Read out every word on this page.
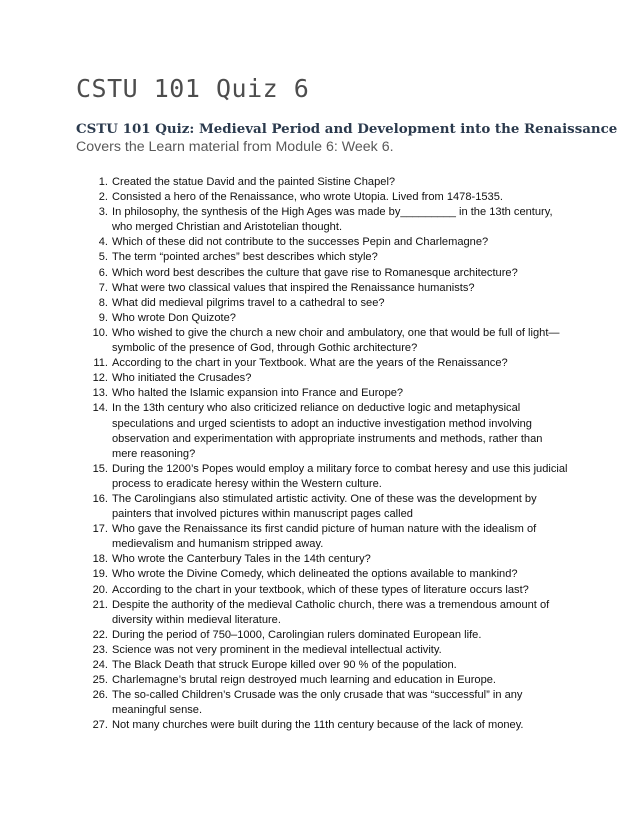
CSTU 101 Quiz 6
CSTU 101 Quiz: Medieval Period and Development into the Renaissance

Covers the Learn material from Module 6: Week 6.

1. Created the statue David and the painted Sistine Chapel?
2. Consisted a hero of the Renaissance, who wrote Utopia. Lived from 1478-1535.
3. In philosophy, the synthesis of the High Ages was made by_________ in the 13th century, who merged Christian and Aristotelian thought.
4. Which of these did not contribute to the successes Pepin and Charlemagne?
5. The term “pointed arches” best describes which style?
6. Which word best describes the culture that gave rise to Romanesque architecture?
7. What were two classical values that inspired the Renaissance humanists?
8. What did medieval pilgrims travel to a cathedral to see?
9. Who wrote Don Quizote?
10. Who wished to give the church a new choir and ambulatory, one that would be full of light— symbolic of the presence of God, through Gothic architecture?
11. According to the chart in your Textbook. What are the years of the Renaissance?
12. Who initiated the Crusades?
13. Who halted the Islamic expansion into France and Europe?
14. In the 13th century who also criticized reliance on deductive logic and metaphysical speculations and urged scientists to adopt an inductive investigation method involving observation and experimentation with appropriate instruments and methods, rather than mere reasoning?
15. During the 1200’s Popes would employ a military force to combat heresy and use this judicial process to eradicate heresy within the Western culture.
16. The Carolingians also stimulated artistic activity. One of these was the development by painters that involved pictures within manuscript pages called
17. Who gave the Renaissance its first candid picture of human nature with the idealism of medievalism and humanism stripped away.
18. Who wrote the Canterbury Tales in the 14th century?
19. Who wrote the Divine Comedy, which delineated the options available to mankind?
20. According to the chart in your textbook, which of these types of literature occurs last?
21. Despite the authority of the medieval Catholic church, there was a tremendous amount of diversity within medieval literature.
22. During the period of 750–1000, Carolingian rulers dominated European life.
23. Science was not very prominent in the medieval intellectual activity.
24. The Black Death that struck Europe killed over 90 % of the population.
25. Charlemagne’s brutal reign destroyed much learning and education in Europe.
26. The so-called Children’s Crusade was the only crusade that was “successful” in any meaningful sense.
27. Not many churches were built during the 11th century because of the lack of money.
